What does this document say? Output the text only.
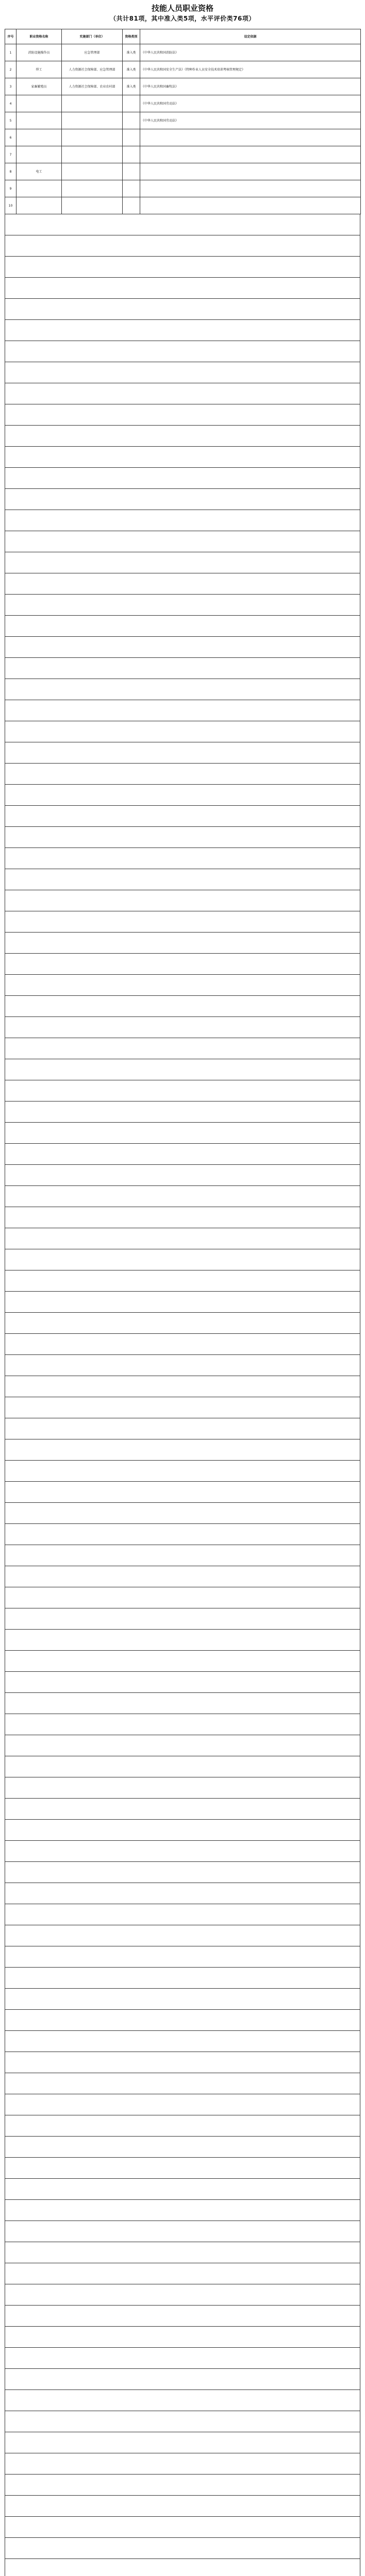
技能人员职业资格
（共计81项，其中准入类5项，水平评价类76项）
序号	职业资格名称	实施部门（单位）	资格类别	设定依据
1	消防设施操作员	应急管理部	准入类	《中华人民共和国消防法》
2	焊工	人力资源社会保障部、应急管理部	准入类	《中华人民共和国安全生产法》《特种作业人员安全技术培训考核管理规定》
3	家畜繁殖员	人力资源社会保障部、农业农村部	准入类	《中华人民共和国畜牧法》
4				《中华人民共和国劳动法》
5				《中华人民共和国劳动法》
6				
7				
8	电工			
9				
10				
